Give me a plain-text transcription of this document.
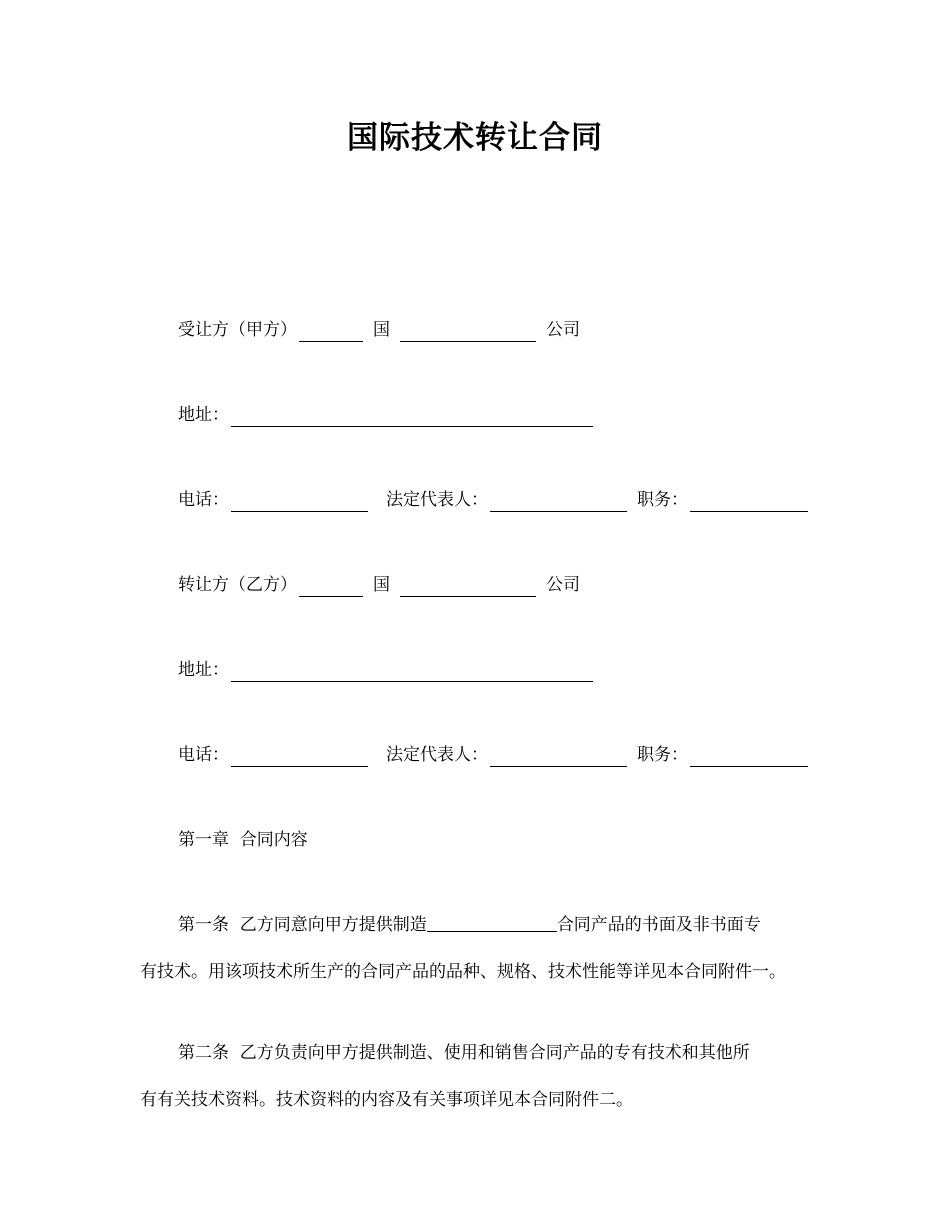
国际技术转让合同
受让方（甲方）	国	公司
地址：
电话：	法定代表人：	职务：
转让方（乙方）	国	公司
地址：
电话：	法定代表人：	职务：
第一章  合同内容
第一条  乙方同意向甲方提供制造	合同产品的书面及非书面专
有技术。用该项技术所生产的合同产品的品种、规格、技术性能等详见本合同附件一。
第二条  乙方负责向甲方提供制造、使用和销售合同产品的专有技术和其他所
有有关技术资料。技术资料的内容及有关事项详见本合同附件二。
